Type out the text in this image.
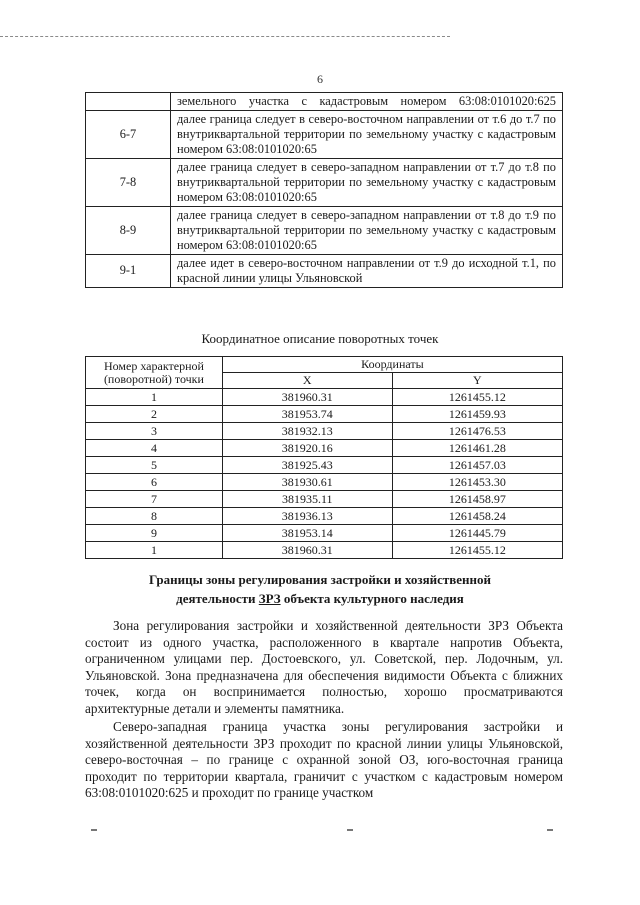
6
	земельного участка с кадастровым номером 63:08:0101020:625
6-7	далее граница следует в северо-восточном направлении от т.6 до т.7 по внутриквартальной территории по земельному участку с кадастровым номером 63:08:0101020:65
7-8	далее граница следует в северо-западном направлении от т.7 до т.8 по внутриквартальной территории по земельному участку с кадастровым номером 63:08:0101020:65
8-9	далее граница следует в северо-западном направлении от т.8 до т.9 по внутриквартальной территории по земельному участку с кадастровым номером 63:08:0101020:65
9-1	далее идет в северо-восточном направлении от т.9 до исходной т.1, по красной линии улицы Ульяновской
Координатное описание поворотных точек
Номер характерной (поворотной) точки	Координаты	
	X	Y
1	381960.31	1261455.12
2	381953.74	1261459.93
3	381932.13	1261476.53
4	381920.16	1261461.28
5	381925.43	1261457.03
6	381930.61	1261453.30
7	381935.11	1261458.97
8	381936.13	1261458.24
9	381953.14	1261445.79
1	381960.31	1261455.12
Границы зоны регулирования застройки и хозяйственной
деятельности ЗРЗ объекта культурного наследия

Зона регулирования застройки и хозяйственной деятельности ЗРЗ Объекта состоит из одного участка, расположенного в квартале напротив Объекта, ограниченном улицами пер. Достоевского, ул. Советской, пер. Лодочным, ул. Ульяновской. Зона предназначена для обеспечения видимости Объекта с ближних точек, когда он воспринимается полностью, хорошо просматриваются архитектурные детали и элементы памятника.

Северо-западная граница участка зоны регулирования застройки и хозяйственной деятельности ЗРЗ проходит по красной линии улицы Ульяновской, северо-восточная – по границе с охранной зоной ОЗ, юго-восточная граница проходит по территории квартала, граничит с участком с кадастровым номером 63:08:0101020:625 и проходит по границе участком
